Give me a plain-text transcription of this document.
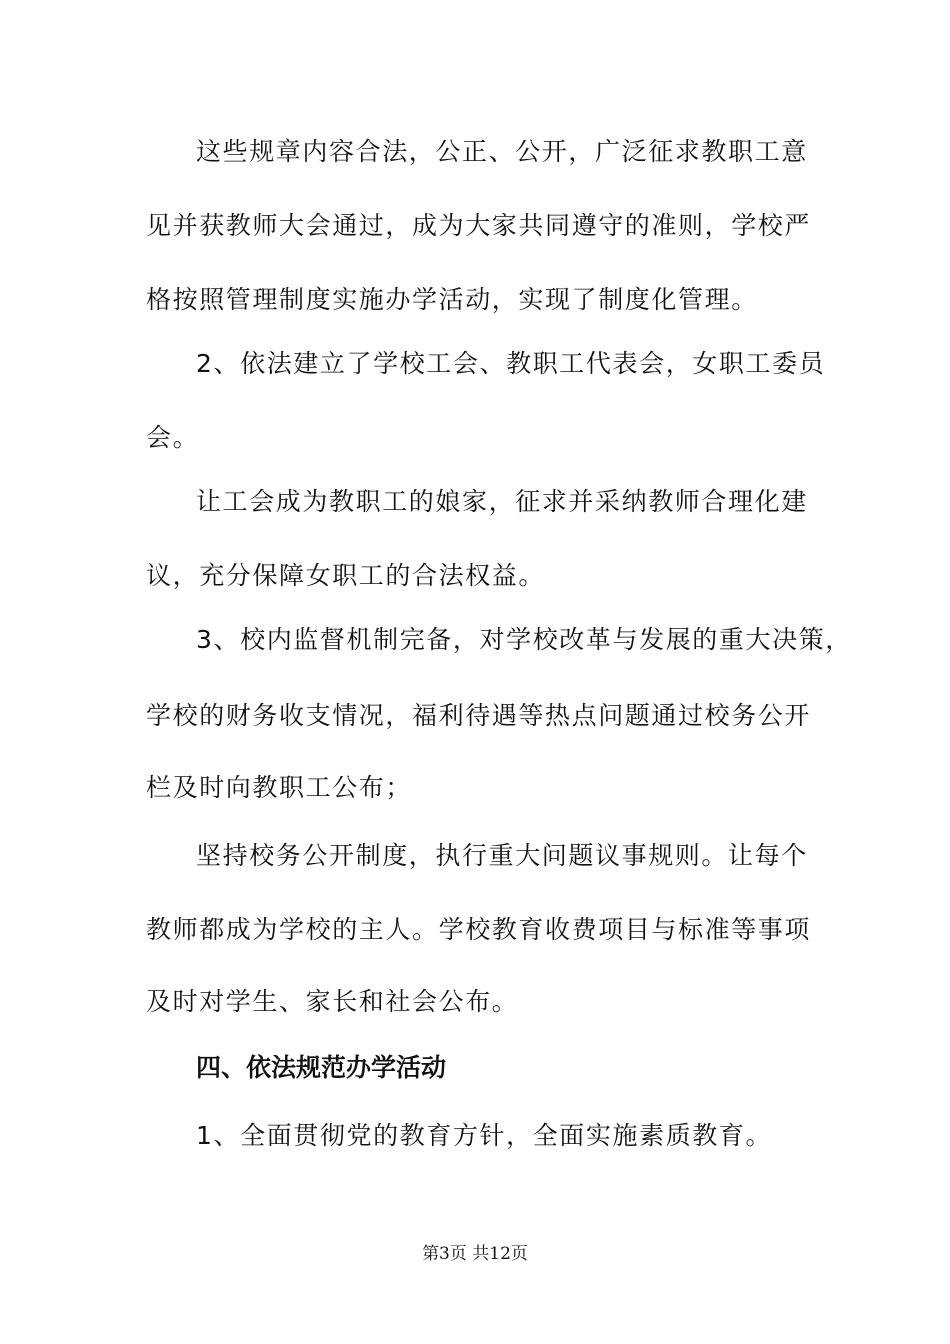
这些规章内容合法，公正、公开，广泛征求教职工意
见并获教师大会通过，成为大家共同遵守的准则，学校严
格按照管理制度实施办学活动，实现了制度化管理。
2、依法建立了学校工会、教职工代表会，女职工委员
会。
让工会成为教职工的娘家，征求并采纳教师合理化建
议，充分保障女职工的合法权益。
3、校内监督机制完备，对学校改革与发展的重大决策，
学校的财务收支情况，福利待遇等热点问题通过校务公开
栏及时向教职工公布；
坚持校务公开制度，执行重大问题议事规则。让每个
教师都成为学校的主人。学校教育收费项目与标准等事项
及时对学生、家长和社会公布。
四、依法规范办学活动
1、全面贯彻党的教育方针，全面实施素质教育。
第3页 共12页
